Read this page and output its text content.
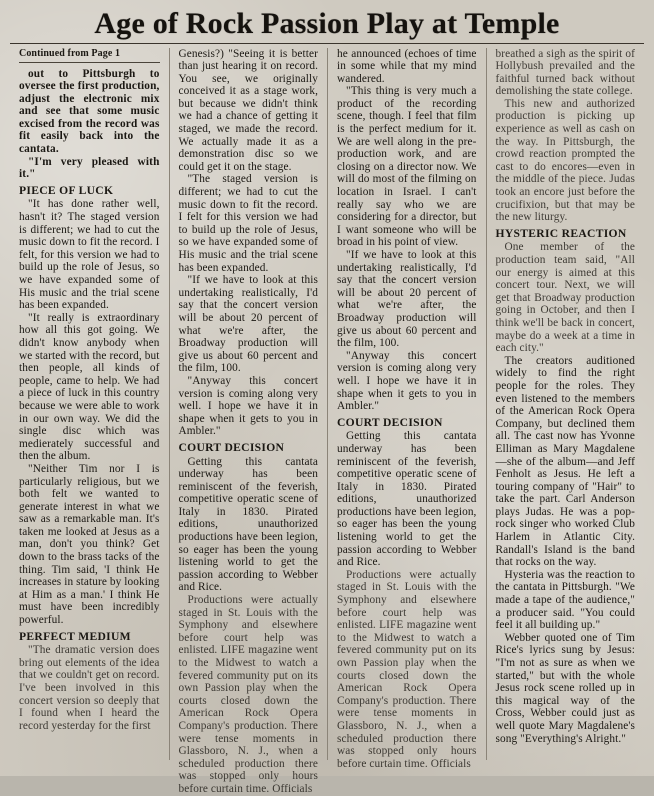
Age of Rock Passion Play at Temple
Continued from Page 1

out to Pittsburgh to oversee the first production, adjust the electronic mix and see that some music excised from the record was fit easily back into the cantata.

"I'm very pleased with it."

PIECE OF LUCK

"It has done rather well, hasn't it? The staged version is different; we had to cut the music down to fit the record. I felt, for this version we had to build up the role of Jesus, so we have expanded some of His music and the trial scene has been expanded.

"It really is extraordinary how all this got going. We didn't know anybody when we started with the record, but then people, all kinds of people, came to help. We had a piece of luck in this country because we were able to work in our own way. We did the single disc which was medierately successful and then the album.

"Neither Tim nor I is particularly religious, but we both felt we wanted to generate interest in what we saw as a remarkable man. It's taken me looked at Jesus as a man, don't you think? Get down to the brass tacks of the thing. Tim said, 'I think He increases in stature by looking at Him as a man.' I think He must have been incredibly powerful.

PERFECT MEDIUM

"The dramatic version does bring out elements of the idea that we couldn't get on record. I've been involved in this concert version so deeply that I found when I heard the record yesterday for the first

Genesis?) "Seeing it is better than just hearing it on record. You see, we originally conceived it as a stage work, but because we didn't think we had a chance of getting it staged, we made the record. We actually made it as a demonstration disc so we could get it on the stage.

"The staged version is different; we had to cut the music down to fit the record. I felt for this version we had to build up the role of Jesus, so we have expanded some of His music and the trial scene has been expanded.

"If we have to look at this undertaking realistically, I'd say that the concert version will be about 20 percent of what we're after, the Broadway production will give us about 60 percent and the film, 100.

"Anyway this concert version is coming along very well. I hope we have it in shape when it gets to you in Ambler."

COURT DECISION

Getting this cantata underway has been reminiscent of the feverish, competitive operatic scene of Italy in 1830. Pirated editions, unauthorized productions have been legion, so eager has been the young listening world to get the passion according to Webber and Rice.

Productions were actually staged in St. Louis with the Symphony and elsewhere before court help was enlisted. LIFE magazine went to the Midwest to watch a fevered community put on its own Passion play when the courts closed down the American Rock Opera Company's production. There were tense moments in Glassboro, N. J., when a scheduled production there was stopped only hours before curtain time. Officials

he announced (echoes of time in some while that my mind wandered.

"This thing is very much a product of the recording scene, though. I feel that film is the perfect medium for it. We are well along in the pre-production work, and are closing on a director now. We will do most of the filming on location in Israel. I can't really say who we are considering for a director, but I want someone who will be broad in his point of view.

"If we have to look at this undertaking realistically, I'd say that the concert version will be about 20 percent of what we're after, the Broadway production will give us about 60 percent and the film, 100.

"Anyway this concert version is coming along very well. I hope we have it in shape when it gets to you in Ambler."

COURT DECISION

Getting this cantata underway has been reminiscent of the feverish, competitive operatic scene of Italy in 1830. Pirated editions, unauthorized productions have been legion, so eager has been the young listening world to get the passion according to Webber and Rice.

Productions were actually staged in St. Louis with the Symphony and elsewhere before court help was enlisted. LIFE magazine went to the Midwest to watch a fevered community put on its own Passion play when the courts closed down the American Rock Opera Company's production. There were tense moments in Glassboro, N. J., when a scheduled production there was stopped only hours before curtain time. Officials

breathed a sigh as the spirit of Hollybush prevailed and the faithful turned back without demolishing the state college.

This new and authorized production is picking up experience as well as cash on the way. In Pittsburgh, the crowd reaction prompted the cast to do encores—even in the middle of the piece. Judas took an encore just before the crucifixion, but that may be the new liturgy.

HYSTERIC REACTION

One member of the production team said, "All our energy is aimed at this concert tour. Next, we will get that Broadway production going in October, and then I think we'll be back in concert, maybe do a week at a time in each city."

The creators auditioned widely to find the right people for the roles. They even listened to the members of the American Rock Opera Company, but declined them all. The cast now has Yvonne Elliman as Mary Magdalene—she of the album—and Jeff Fenholt as Jesus. He left a touring company of "Hair" to take the part. Carl Anderson plays Judas. He was a pop-rock singer who worked Club Harlem in Atlantic City. Randall's Island is the band that rocks on the way.

Hysteria was the reaction to the cantata in Pittsburgh. "We made a tape of the audience," a producer said. "You could feel it all building up."

Webber quoted one of Tim Rice's lyrics sung by Jesus: "I'm not as sure as when we started," but with the whole Jesus rock scene rolled up in this magical way of the Cross, Webber could just as well quote Mary Magdalene's song "Everything's Alright."
